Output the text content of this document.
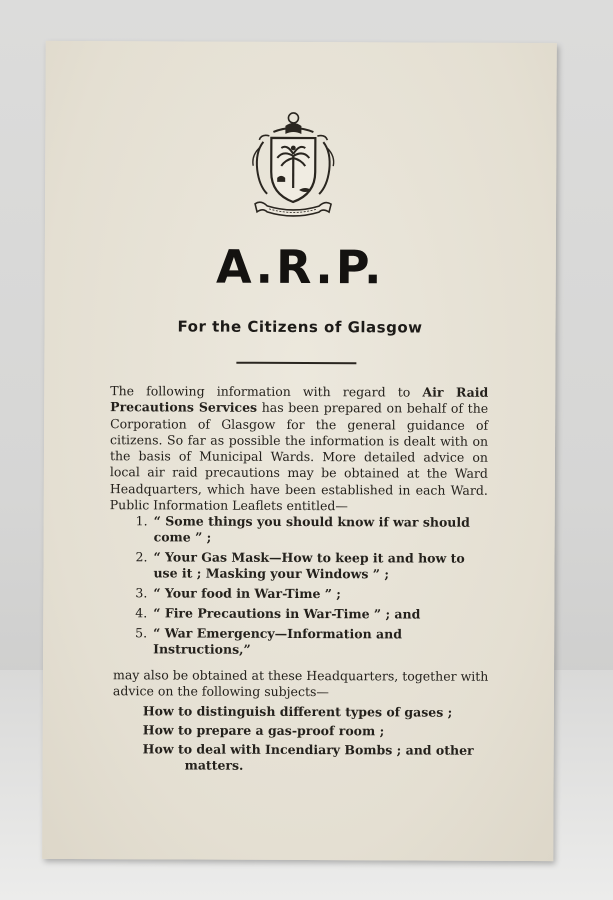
A.R.P.
For the Citizens of Glasgow
The following information with regard to Air Raid Precautions Services has been prepared on behalf of the Corporation of Glasgow for the general guidance of citizens. So far as possible the information is dealt with on the basis of Municipal Wards. More detailed advice on local air raid precautions may be obtained at the Ward Headquarters, which have been established in each Ward. Public Information Leaflets entitled—
1. “ Some things you should know if war should come ” ;
2. “ Your Gas Mask—How to keep it and how to use it ; Masking your Windows ” ;
3. “ Your food in War-Time ” ;
4. “ Fire Precautions in War-Time ” ; and
5. “ War Emergency—Information and Instructions,”
may also be obtained at these Headquarters, together with advice on the following subjects—
How to distinguish different types of gases ;
How to prepare a gas-proof room ;
How to deal with Incendiary Bombs ; and other matters.
